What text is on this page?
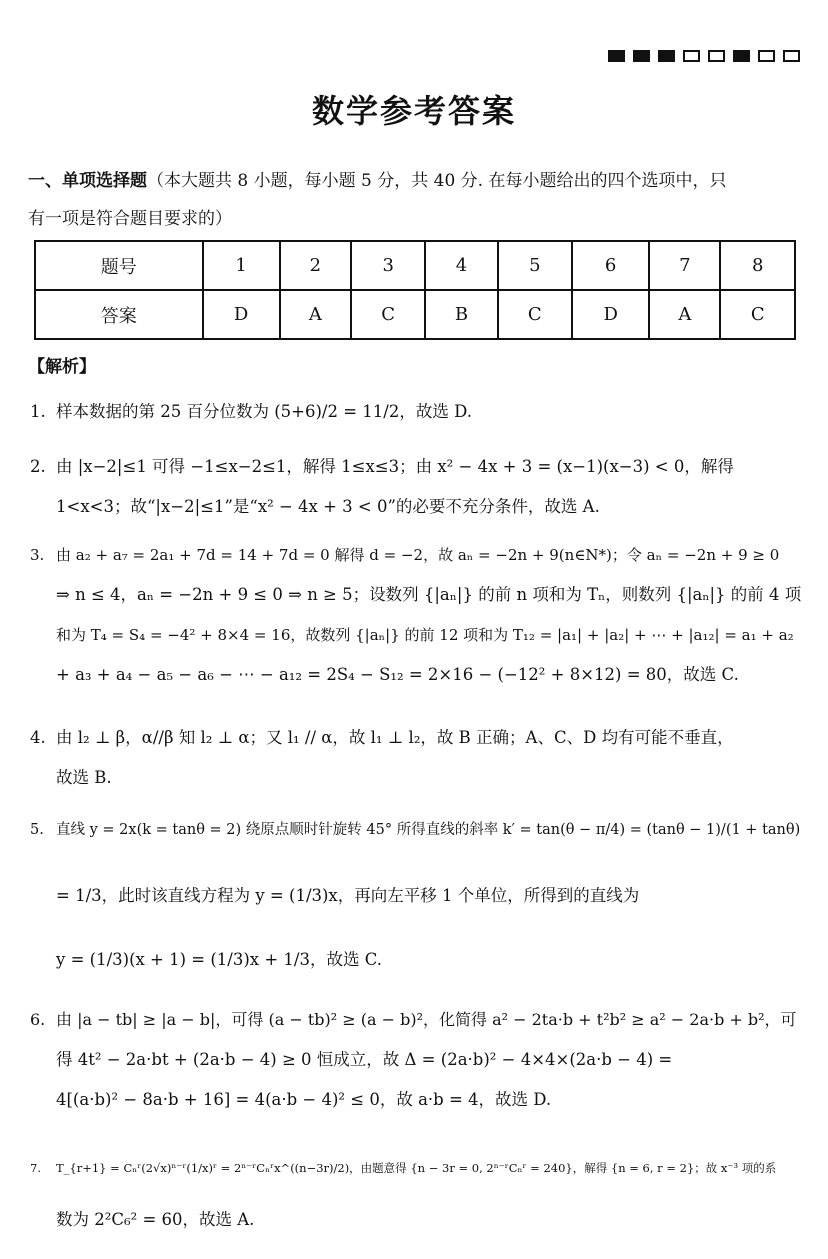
数学参考答案
一、单项选择题（本大题共 8 小题，每小题 5 分，共 40 分. 在每小题给出的四个选项中，只
有一项是符合题目要求的）
题号	1	2	3	4	5	6	7	8
答案	D	A	C	B	C	D	A	C
【解析】
1. 样本数据的第 25 百分位数为 (5+6)/2 = 11/2，故选 D.
2. 由 |x−2|≤1 可得 −1≤x−2≤1，解得 1≤x≤3；由 x² − 4x + 3 = (x−1)(x−3) < 0，解得
1<x<3；故“|x−2|≤1”是“x² − 4x + 3 < 0”的必要不充分条件，故选 A.
3. 由 a₂ + a₇ = 2a₁ + 7d = 14 + 7d = 0 解得 d = −2，故 aₙ = −2n + 9(n∈N*)；令 aₙ = −2n + 9 ≥ 0
⇒ n ≤ 4，aₙ = −2n + 9 ≤ 0 ⇒ n ≥ 5；设数列 {|aₙ|} 的前 n 项和为 Tₙ，则数列 {|aₙ|} 的前 4 项
和为 T₄ = S₄ = −4² + 8×4 = 16，故数列 {|aₙ|} 的前 12 项和为 T₁₂ = |a₁| + |a₂| + ⋯ + |a₁₂| = a₁ + a₂
+ a₃ + a₄ − a₅ − a₆ − ⋯ − a₁₂ = 2S₄ − S₁₂ = 2×16 − (−12² + 8×12) = 80，故选 C.
4. 由 l₂ ⊥ β，α//β 知 l₂ ⊥ α；又 l₁ // α，故 l₁ ⊥ l₂，故 B 正确；A、C、D 均有可能不垂直，
故选 B.
5. 直线 y = 2x(k = tanθ = 2) 绕原点顺时针旋转 45° 所得直线的斜率 k′ = tan(θ − π/4) = (tanθ − 1)/(1 + tanθ)
= 1/3，此时该直线方程为 y = (1/3)x，再向左平移 1 个单位，所得到的直线为
y = (1/3)(x + 1) = (1/3)x + 1/3，故选 C.
6. 由 |a − tb| ≥ |a − b|，可得 (a − tb)² ≥ (a − b)²，化简得 a² − 2ta·b + t²b² ≥ a² − 2a·b + b²，可
得 4t² − 2a·bt + (2a·b − 4) ≥ 0 恒成立，故 Δ = (2a·b)² − 4×4×(2a·b − 4) =
4[(a·b)² − 8a·b + 16] = 4(a·b − 4)² ≤ 0，故 a·b = 4，故选 D.
7. T_{r+1} = Cₙʳ(2√x)ⁿ⁻ʳ(1/x)ʳ = 2ⁿ⁻ʳCₙʳx^((n−3r)/2)，由题意得 {n − 3r = 0, 2ⁿ⁻ʳCₙʳ = 240}，解得 {n = 6, r = 2}；故 x⁻³ 项的系
数为 2²C₆² = 60，故选 A.
